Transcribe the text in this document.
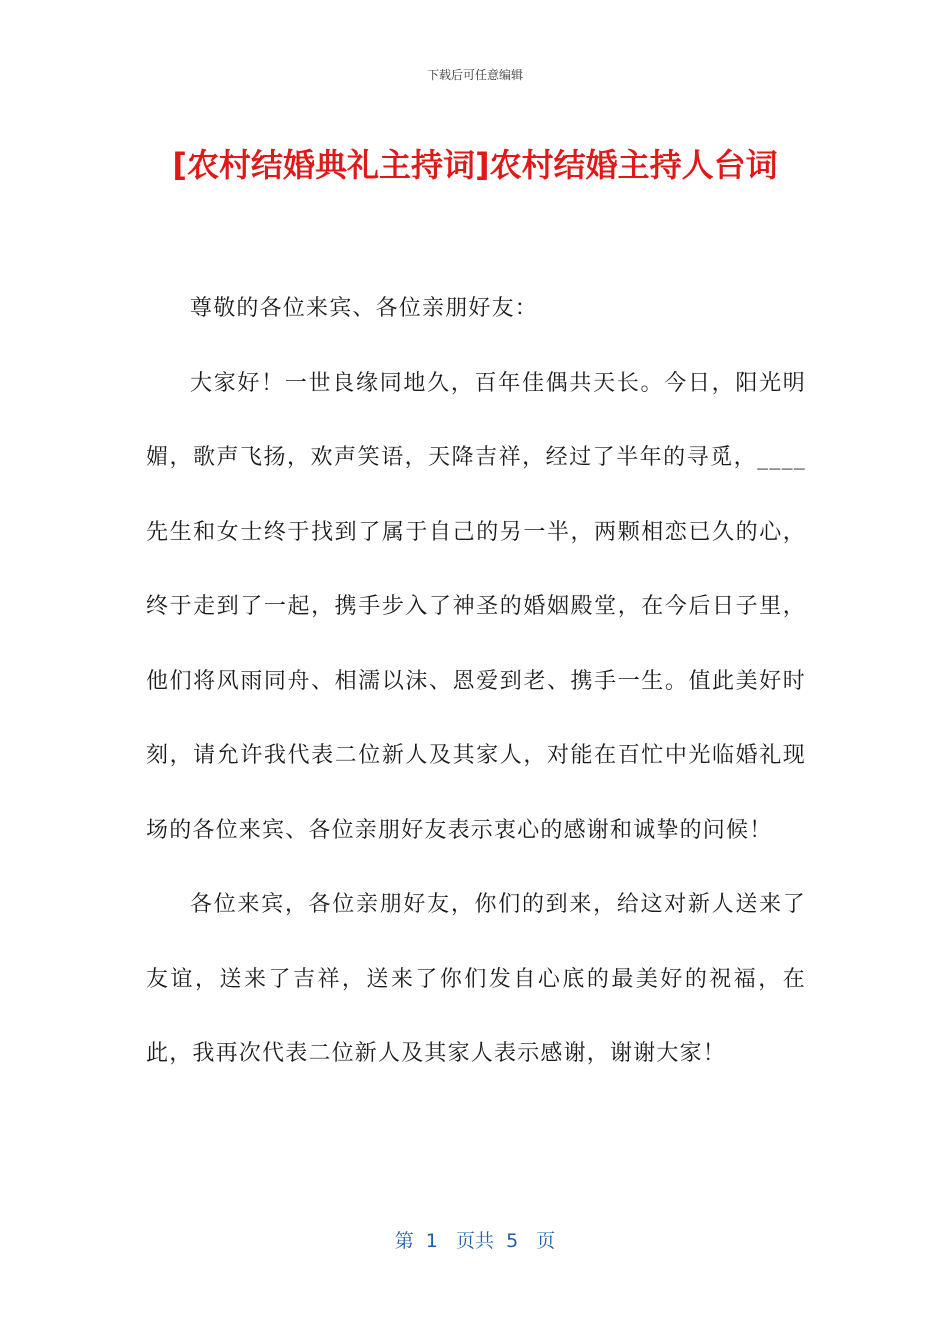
下载后可任意编辑
[农村结婚典礼主持词]农村结婚主持人台词

尊敬的各位来宾、各位亲朋好友：

大家好！一世良缘同地久，百年佳偶共天长。今日，阳光明媚，歌声飞扬，欢声笑语，天降吉祥，经过了半年的寻觅，____先生和女士终于找到了属于自己的另一半，两颗相恋已久的心，终于走到了一起，携手步入了神圣的婚姻殿堂，在今后日子里，他们将风雨同舟、相濡以沫、恩爱到老、携手一生。值此美好时刻，请允许我代表二位新人及其家人，对能在百忙中光临婚礼现场的各位来宾、各位亲朋好友表示衷心的感谢和诚挚的问候！

各位来宾，各位亲朋好友，你们的到来，给这对新人送来了友谊，送来了吉祥，送来了你们发自心底的最美好的祝福，在此，我再次代表二位新人及其家人表示感谢，谢谢大家！

第  1   页共  5   页
